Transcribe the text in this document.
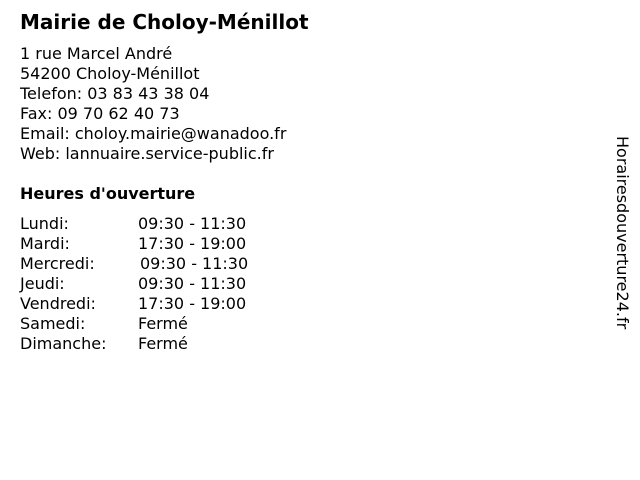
Mairie de Choloy-Ménillot
1 rue Marcel André
54200 Choloy-Ménillot
Telefon: 03 83 43 38 04
Fax: 09 70 62 40 73
Email: choloy.mairie@wanadoo.fr
Web: lannuaire.service-public.fr
Heures d'ouverture
Lundi:	09:30 - 11:30
Mardi:	17:30 - 19:00
Mercredi:	09:30 - 11:30
Jeudi:	09:30 - 11:30
Vendredi:	17:30 - 19:00
Samedi:	Fermé
Dimanche: Fermé
Horairesdouverture24.fr
